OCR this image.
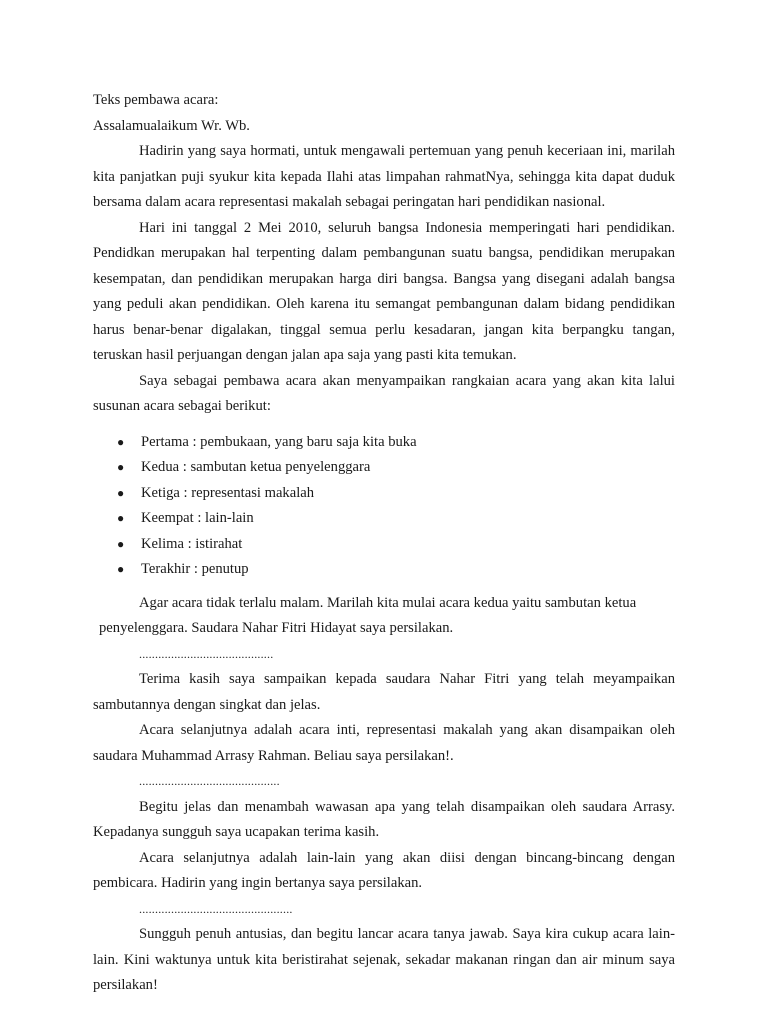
Teks pembawa acara:

Assalamualaikum Wr. Wb.

Hadirin yang saya hormati, untuk mengawali pertemuan yang penuh keceriaan ini, marilah kita panjatkan puji syukur kita kepada Ilahi atas limpahan rahmatNya, sehingga kita dapat duduk bersama dalam acara representasi makalah sebagai peringatan hari pendidikan nasional.

Hari ini tanggal 2 Mei 2010, seluruh bangsa Indonesia memperingati hari pendidikan. Pendidkan merupakan hal terpenting dalam pembangunan suatu bangsa, pendidikan merupakan kesempatan, dan pendidikan merupakan harga diri bangsa. Bangsa yang disegani adalah bangsa yang peduli akan pendidikan. Oleh karena itu semangat pembangunan dalam bidang pendidikan harus benar-benar digalakan, tinggal semua perlu kesadaran, jangan kita berpangku tangan, teruskan hasil perjuangan dengan jalan apa saja yang pasti kita temukan.

Saya sebagai pembawa acara akan menyampaikan rangkaian acara yang akan kita lalui susunan acara sebagai berikut:

● Pertama : pembukaan, yang baru saja kita buka
● Kedua : sambutan ketua penyelenggara
● Ketiga : representasi makalah
● Keempat : lain-lain
● Kelima : istirahat
● Terakhir : penutup

Agar acara tidak terlalu malam. Marilah kita mulai acara kedua yaitu sambutan ketua

penyelenggara. Saudara Nahar Fitri Hidayat saya persilakan.

..........................................

Terima kasih saya sampaikan kepada saudara Nahar Fitri yang telah meyampaikan sambutannya dengan singkat dan jelas.

Acara selanjutnya adalah acara inti, representasi makalah yang akan disampaikan oleh saudara Muhammad Arrasy Rahman. Beliau saya persilakan!.

............................................

Begitu jelas dan menambah wawasan apa yang telah disampaikan oleh saudara Arrasy. Kepadanya sungguh saya ucapakan terima kasih.

Acara selanjutnya adalah lain-lain yang akan diisi dengan bincang-bincang dengan pembicara. Hadirin yang ingin bertanya saya persilakan.

................................................

Sungguh penuh antusias, dan begitu lancar acara tanya jawab. Saya kira cukup acara lain-lain. Kini waktunya untuk kita beristirahat sejenak, sekadar makanan ringan dan air minum saya persilakan!
